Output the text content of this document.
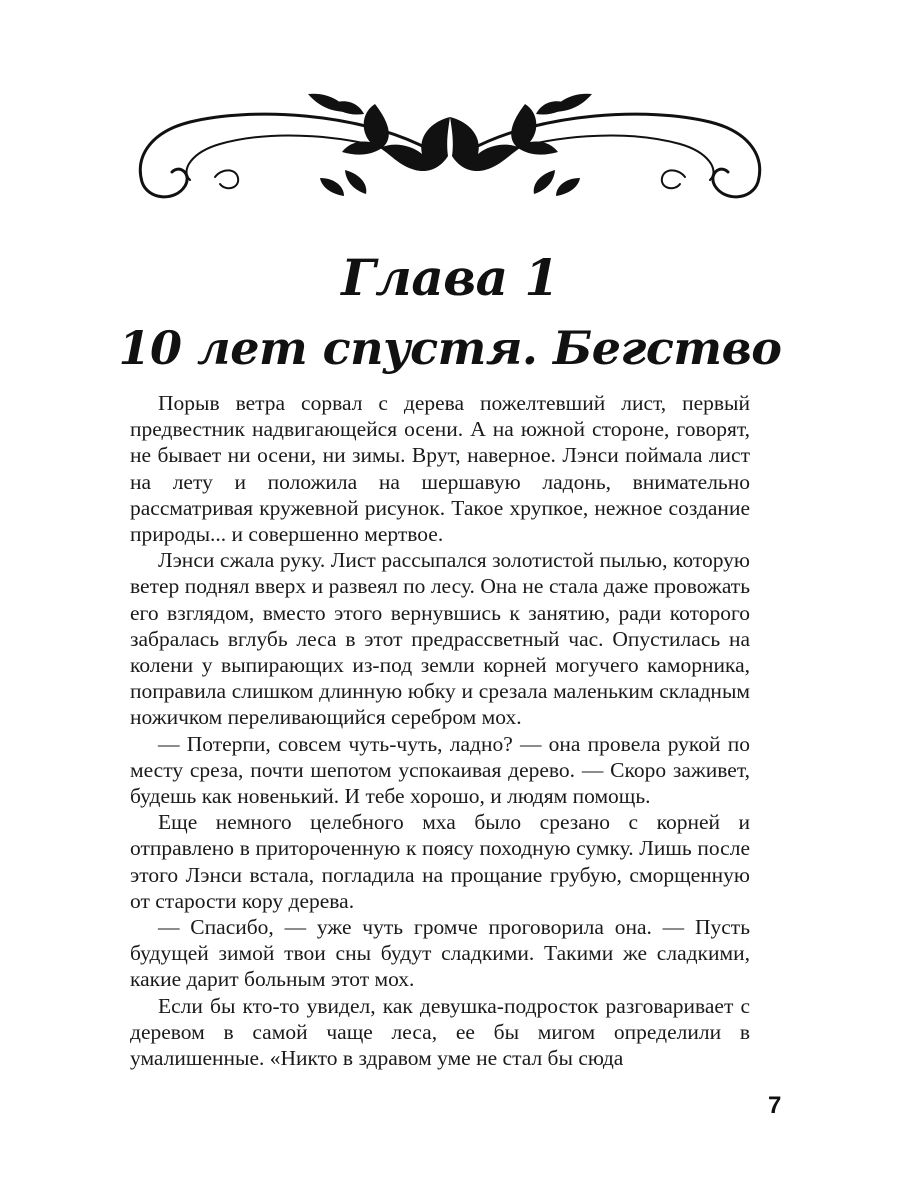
Глава 1
10 лет спустя. Бегство

Порыв ветра сорвал с дерева пожелтевший лист, первый предвестник надвигающейся осени. А на южной стороне, говорят, не бывает ни осени, ни зимы. Врут, наверное. Лэнси поймала лист на лету и положила на шершавую ладонь, внимательно рассматривая кружевной рисунок. Такое хрупкое, нежное создание природы... и совершенно мертвое.

Лэнси сжала руку. Лист рассыпался золотистой пылью, которую ветер поднял вверх и развеял по лесу. Она не стала даже провожать его взглядом, вместо этого вернувшись к занятию, ради которого забралась вглубь леса в этот предрассветный час. Опустилась на колени у выпирающих из-под земли корней могучего каморника, поправила слишком длинную юбку и срезала маленьким складным ножичком переливающийся серебром мох.

— Потерпи, совсем чуть-чуть, ладно? — она провела рукой по месту среза, почти шепотом успокаивая дерево. — Скоро заживет, будешь как новенький. И тебе хорошо, и людям помощь.

Еще немного целебного мха было срезано с корней и отправлено в притороченную к поясу походную сумку. Лишь после этого Лэнси встала, погладила на прощание грубую, сморщенную от старости кору дерева.

— Спасибо, — уже чуть громче проговорила она. — Пусть будущей зимой твои сны будут сладкими. Такими же сладкими, какие дарит больным этот мох.

Если бы кто-то увидел, как девушка-подросток разговаривает с деревом в самой чаще леса, ее бы мигом определили в умалишенные. «Никто в здравом уме не стал бы сюда

7
